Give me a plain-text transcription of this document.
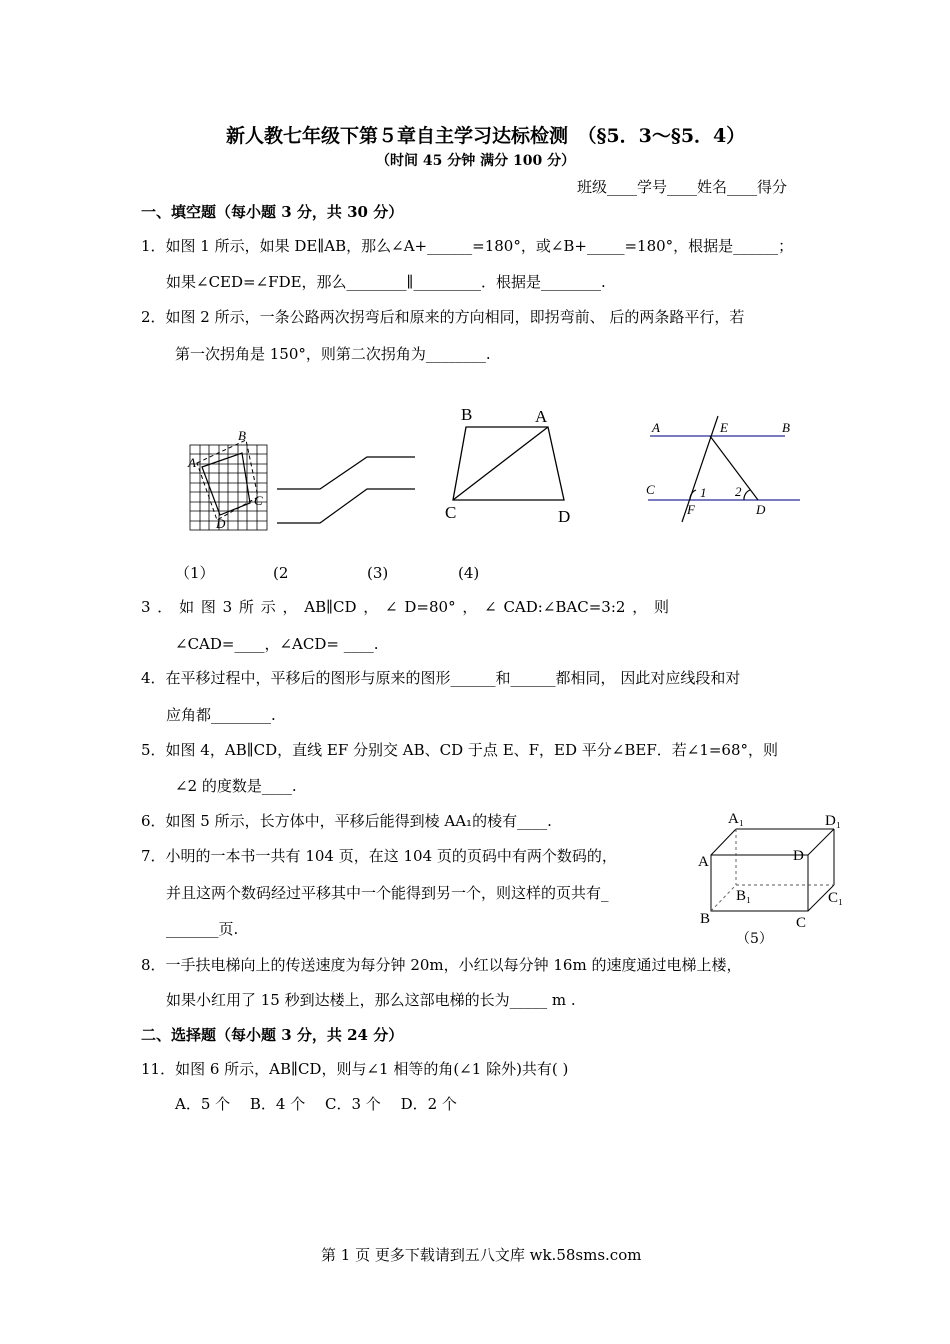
新人教七年级下第５章自主学习达标检测　（§5．3～§5．4）
（时间 45 分钟 满分 100 分）
班级____学号____姓名____得分
一、填空题（每小题 3 分，共 30 分）
1．如图 1 所示，如果 DE∥AB，那么∠A+______=180°，或∠B+_____=180°，根据是______；
如果∠CED=∠FDE，那么________∥_________．根据是________.
2．如图 2 所示，一条公路两次拐弯后和原来的方向相同，即拐弯前、 后的两条路平行，若
第一次拐角是 150°，则第二次拐角为________.
A
B
C
D
B	A
C	D
A	E	B
C	1 2
F	D
（1）	(2	(3)	(4)
3 ． 如 图 3 所 示 ， AB∥CD ， ∠ D=80° ， ∠ CAD:∠BAC=3:2 ， 则
∠CAD=____，∠ACD= ____.
4．在平移过程中，平移后的图形与原来的图形______和______都相同， 因此对应线段和对
应角都________.
5．如图 4，AB∥CD，直线 EF 分别交 AB、CD 于点 E、F，ED 平分∠BEF．若∠1=68°，则
∠2 的度数是____.
6．如图 5 所示，长方体中，平移后能得到棱 AA₁的棱有____.
7．小明的一本书一共有 104 页，在这 104 页的页码中有两个数码的，
并且这两个数码经过平移其中一个能得到另一个，则这样的页共有_
_______页.
A₁	D₁
A	D
B₁	C₁
B	C
（5）
8．一手扶电梯向上的传送速度为每分钟 20m，小红以每分钟 16m 的速度通过电梯上楼，
如果小红用了 15 秒到达楼上，那么这部电梯的长为_____ m .
二、选择题（每小题 3 分，共 24 分）
11．如图 6 所示，AB∥CD，则与∠1 相等的角(∠1 除外)共有( )
A．5 个　 B．4 个　 C．3 个　 D．2 个
第 1 页 更多下载请到五八文库 wk.58sms.com
